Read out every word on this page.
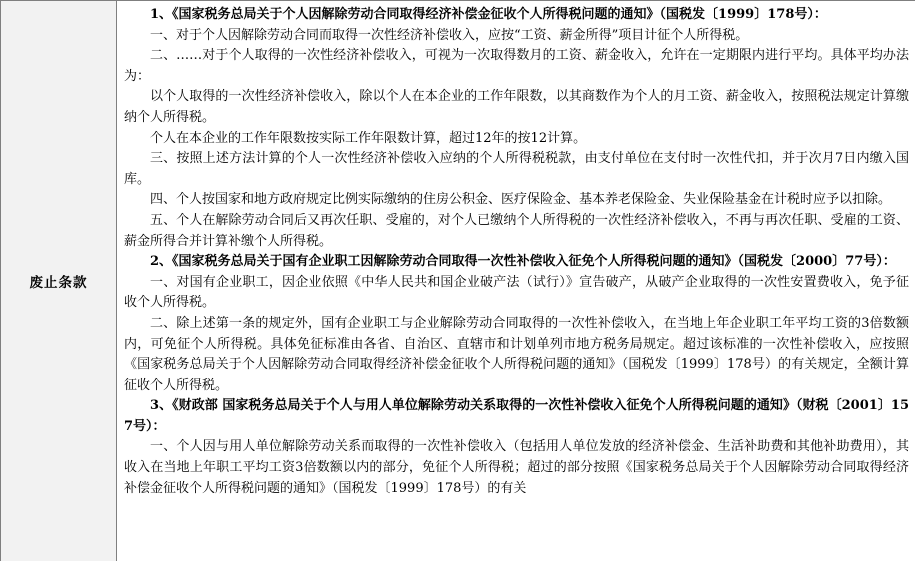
废止条款

1、《国家税务总局关于个人因解除劳动合同取得经济补偿金征收个人所得税问题的通知》（国税发〔1999〕178号）：

一、对于个人因解除劳动合同而取得一次性经济补偿收入，应按“工资、薪金所得”项目计征个人所得税。

二、……对于个人取得的一次性经济补偿收入，可视为一次取得数月的工资、薪金收入，允许在一定期限内进行平均。具体平均办法为：

以个人取得的一次性经济补偿收入，除以个人在本企业的工作年限数，以其商数作为个人的月工资、薪金收入，按照税法规定计算缴纳个人所得税。

个人在本企业的工作年限数按实际工作年限数计算，超过12年的按12计算。

三、按照上述方法计算的个人一次性经济补偿收入应纳的个人所得税税款，由支付单位在支付时一次性代扣，并于次月7日内缴入国库。

四、个人按国家和地方政府规定比例实际缴纳的住房公积金、医疗保险金、基本养老保险金、失业保险基金在计税时应予以扣除。

五、个人在解除劳动合同后又再次任职、受雇的，对个人已缴纳个人所得税的一次性经济补偿收入，不再与再次任职、受雇的工资、薪金所得合并计算补缴个人所得税。

2、《国家税务总局关于国有企业职工因解除劳动合同取得一次性补偿收入征免个人所得税问题的通知》（国税发〔2000〕77号）：

一、对国有企业职工，因企业依照《中华人民共和国企业破产法（试行）》宣告破产，从破产企业取得的一次性安置费收入，免予征收个人所得税。

二、除上述第一条的规定外，国有企业职工与企业解除劳动合同取得的一次性补偿收入，在当地上年企业职工年平均工资的3倍数额内，可免征个人所得税。具体免征标准由各省、自治区、直辖市和计划单列市地方税务局规定。超过该标准的一次性补偿收入，应按照《国家税务总局关于个人因解除劳动合同取得经济补偿金征收个人所得税问题的通知》（国税发〔1999〕178号）的有关规定，全额计算征收个人所得税。

3、《财政部 国家税务总局关于个人与用人单位解除劳动关系取得的一次性补偿收入征免个人所得税问题的通知》（财税〔2001〕157号）：

一、个人因与用人单位解除劳动关系而取得的一次性补偿收入（包括用人单位发放的经济补偿金、生活补助费和其他补助费用），其收入在当地上年职工平均工资3倍数额以内的部分，免征个人所得税；超过的部分按照《国家税务总局关于个人因解除劳动合同取得经济补偿金征收个人所得税问题的通知》（国税发〔1999〕178号）的有关
